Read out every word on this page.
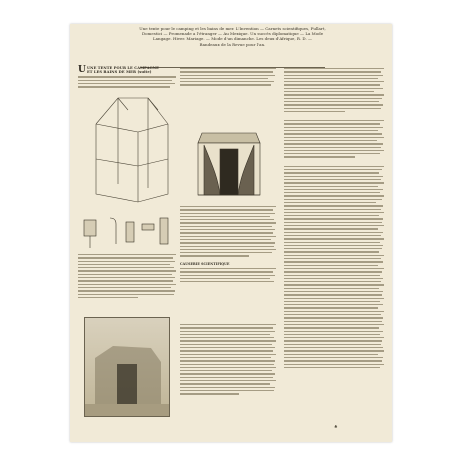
Une tente pour le camping et les bains de mer. L'Invention — Carnets scientifiques, Fullart,
Domestici — Promenade a l'étranger — Au Mexique. Un succès diplomatique — La Mode
Langage. Hiver. Mariage. — Mode d'un dimanche. Les deux d'Afrique, R. D. —
Bandeaux de la Revue pour l'an.
U UNE TENTE POUR LE CAMPAGNE
ET LES BAINS DE MER (suite)
CAUSERIE SCIENTIFIQUE
♣
